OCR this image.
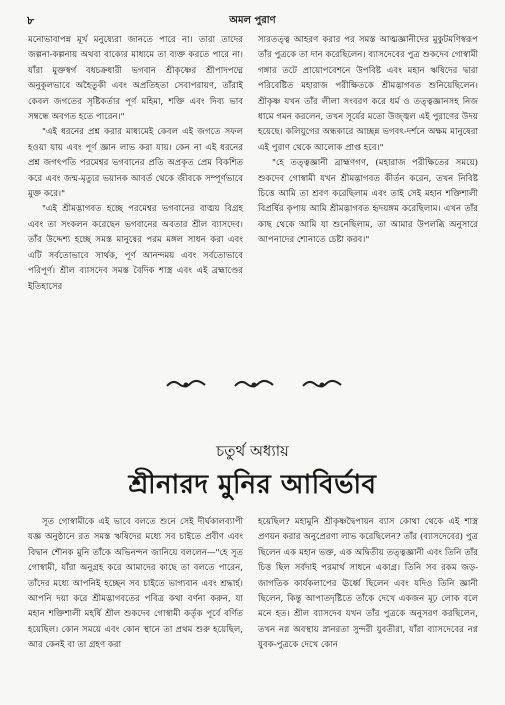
৮	অমল পুরাণ

মনোভাবাপন্ন মূর্খ মনুষ্যেরা জানতে পারে না। তারা তাদের জল্পনা-কল্পনায় অথবা বাক্যের মাধ্যমে তা ব্যক্ত করতে পারে না। যাঁরা মুক্তস্বর্গ বধচক্রধারী ভগবান শ্রীকৃষ্ণের শ্রীপাদপদ্মে অনুকূলভাবে অহৈতুকী এবং অপ্রতিহতা সেবাপরায়ণ, তাঁরাই কেবল জগতের সৃষ্টিকর্তার পূর্ণ মহিমা, শক্তি এবং দিব্য ভাব সম্বন্ধে অবগত হতে পারেন।"

"এই ধরনের প্রশ্ন করার মাধ্যমেই কেবল এই জগতে সফল হওয়া যায় এবং পূর্ণ জ্ঞান লাভ করা যায়। কেন না এই ধরনের প্রশ্ন জগৎপতি পরমেশ্বর ভগবানের প্রতি অপ্রকৃত প্রেম বিকশিত করে এবং জন্ম-মৃত্যুর ভয়ানক আবর্ত থেকে জীবকে সম্পূর্ণভাবে মুক্ত করে।"

"এই শ্রীমদ্ভাগবত হচ্ছে পরমেশ্বর ভগবানের বাঙ্ময় বিগ্রহ এবং তা সংকলন করেছেন ভগবানের অবতার শ্রীল ব্যাসদেব। তাঁর উদ্দেশ্য হচ্ছে সমস্ত মানুষের পরম মঙ্গল সাধন করা এবং এটি সর্বতোভাবে সার্থক, পূর্ণ আনন্দময় এবং সর্বতোভাবে পরিপূর্ণ। শ্রীল ব্যাসদেব সমস্ত বৈদিক শাস্ত্র এবং এই ব্রহ্মাণ্ডের ইতিহাসের

সারতত্ত্ব আহরণ করার পর সমস্ত আত্মজ্ঞানীদের মুকুটমণিস্বরূপ তাঁর পুত্রকে তা দান করেছিলেন। ব্যাসদেবের পুত্র শুকদেব গোস্বামী গঙ্গার তটে প্রায়োপবেশনে উপবিষ্ট এবং মহান ঋষিদের দ্বারা পরিবেষ্টিত মহারাজ পরীক্ষিতকে শ্রীমদ্ভাগবত শুনিয়েছিলেন। শ্রীকৃষ্ণ যখন তাঁর লীলা সংবরণ করে ধর্ম ও তত্ত্বজ্ঞানসহ নিজ ধামে গমন করলেন, তখন সূর্যের মতো উজ্জ্বল এই পুরাণের উদয় হয়েছে। কলিযুগের অন্ধকারে আচ্ছন্ন ভগবৎ-দর্শনে অক্ষম মানুষেরা এই পুরাণ থেকে আলোক প্রাপ্ত হবে।"

"হে তত্ত্বজ্ঞানী ব্রাহ্মণগণ, (মহারাজ পরীক্ষিতের সময়ে) শুকদেব গোস্বামী যখন শ্রীমদ্ভাগবত কীর্তন করেন, তখন নিবিষ্ট চিত্তে আমি তা শ্রবণ করেছিলাম এবং তাই সেই মহান শক্তিশালী বিপ্রর্ষির কৃপায় আমি শ্রীমদ্ভাগবত হৃদয়ঙ্গম করেছিলাম। এখন তাঁর কাছ থেকে আমি যা শুনেছিলাম, তা আমার উপলব্ধি অনুসারে আপনাদের শোনাতে চেষ্টা করব।"

চতুর্থ অধ্যায়
শ্রীনারদ মুনির আবির্ভাব

সূত গোস্বামীকে এই ভাবে বলতে শুনে সেই দীর্ঘকালব্যাপী যজ্ঞ অনুষ্ঠানে রত সমস্ত ঋষিদের মধ্যে সব চাইতে প্রবীণ এবং বিদ্বান শৌনক মুনি তাঁকে অভিনন্দন জানিয়ে বললেন—"হে সূত গোস্বামী, যাঁরা অনুগ্রহ করে আমাদের কাছে তা বলতে পারেন, তাঁদের মধ্যে আপনিই হচ্ছেন সব চাইতে ভাগ্যবান এবং শ্রদ্ধার্হ। আপনি দয়া করে শ্রীমদ্ভাগবতের পবিত্র কথা বর্ণনা করুন, যা মহান শক্তিশালী মহর্ষি শ্রীল শুকদেব গোস্বামী কর্তৃক পূর্বে বর্ণিত হয়েছিল। কোন সময়ে এবং কোন স্থানে তা প্রথম শুরু হয়েছিল, আর কেনই বা তা গ্রহণ করা

হয়েছিল? মহামুনি শ্রীকৃষ্ণদ্বৈপায়ন ব্যাস কোথা থেকে এই শাস্ত্র প্রণয়ন করার অনুপ্রেরণা লাভ করেছিলেন? তাঁর (ব্যাসদেবের) পুত্র ছিলেন এক মহান ভক্ত, এক অদ্বিতীয় তত্ত্বজ্ঞানী এবং তিনি তাঁর চিত্ত ছিল সর্বদাই পরমার্থ সাধনে একাগ্র। তিনি সব রকম জড়-জাগতিক কার্যকলাপের ঊর্ধ্বে ছিলেন এবং যদিও তিনি জ্ঞানী ছিলেন, কিন্তু আপাতদৃষ্টিতে তাঁকে দেখে একজন মূঢ় লোক বলে মনে হত। শ্রীল ব্যাসদেব যখন তাঁর পুত্রকে অনুসরণ করছিলেন, তখন নগ্ন অবস্থায় স্নানরতা সুন্দরী যুবতীরা, যাঁরা ব্যাসদেবের নগ্ন যুবক-পুত্রকে দেখে কোন
